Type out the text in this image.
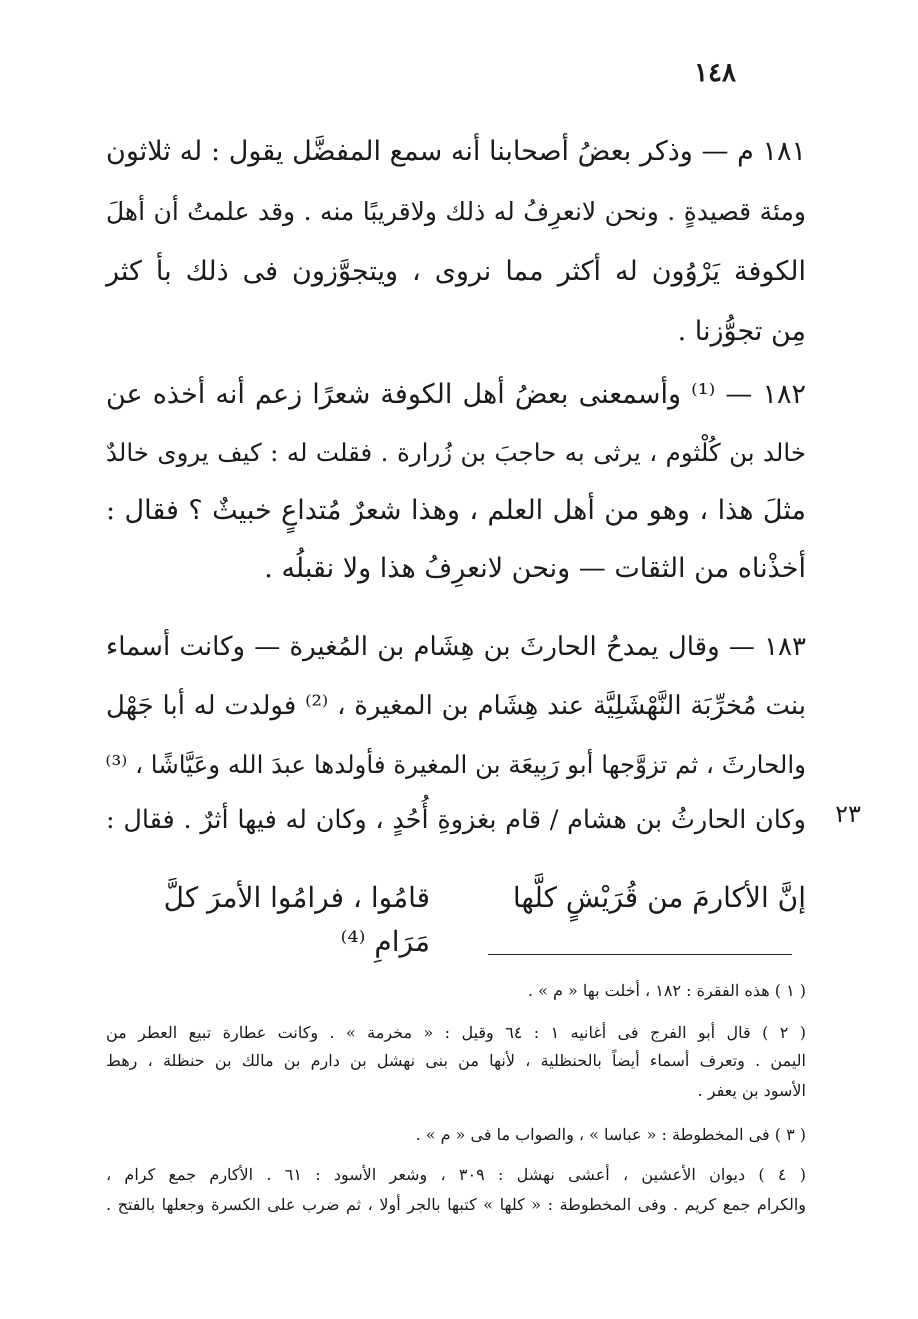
١٤٨
١٨١ م — وذكر بعضُ أصحابنا أنه سمع المفضَّل يقول : له ثلاثون
ومئة قصيدةٍ . ونحن لانعرِفُ له ذلك ولاقريبًا منه . وقد علمتُ أن أهلَ
الكوفة يَرْوُون له أكثر مما نروى ، ويتجوَّزون فى ذلك بأ كثر
مِن تجوُّزنا .
١٨٢ — ⁽¹⁾ وأسمعنى بعضُ أهل الكوفة شعرًا زعم أنه أخذه عن
خالد بن كُلْثوم ، يرثى به حاجبَ بن زُرارة . فقلت له : كيف يروى خالدٌ
مثلَ هذا ، وهو من أهل العلم ، وهذا شعرٌ مُتداعٍ خبيثٌ ؟ فقال :
أخذْناه من الثقات — ونحن لانعرِفُ هذا ولا نقبلُه .
١٨٣ — وقال يمدحُ الحارثَ بن هِشَام بن المُغيرة — وكانت أسماء
بنت مُخرِّبَة النَّهْشَلِيَّة عند هِشَام بن المغيرة ، ⁽²⁾ فولدت له أبا جَهْل
والحارثَ ، ثم تزوَّجها أبو رَبِيعَة بن المغيرة فأولدها عبدَ الله وعَيَّاشًا ، ⁽³⁾
وكان الحارثُ بن هشام / قام بغزوةِ أُحُدٍ ، وكان له فيها أثرٌ . فقال :	٢٣
إنَّ الأكارمَ من قُرَيْشٍ كلَّها
قامُوا ، فرامُوا الأمرَ كلَّ مَرَامِ ⁽⁴⁾
( ١ ) هذه الفقرة : ١٨٢ ، أخلت بها « م » .
( ٢ ) قال أبو الفرج فى أغانيه ١ : ٦٤ وقيل : « مخرمة » . وكانت عطارة تبيع العطر من
اليمن . وتعرف أسماء أيضاً بالحنظلية ، لأنها من بنى نهشل بن دارم بن مالك بن حنظلة ، رهط
الأسود بن يعفر .
( ٣ ) فى المخطوطة : « عباسا » ، والصواب ما فى « م » .
( ٤ ) ديوان الأعشين ، أعشى نهشل : ٣٠٩ ، وشعر الأسود : ٦١ . الأكارم جمع كرام ،
والكرام جمع كريم . وفى المخطوطة : « كلها » كتبها بالجر أولا ، ثم ضرب على الكسرة وجعلها بالفتح .
